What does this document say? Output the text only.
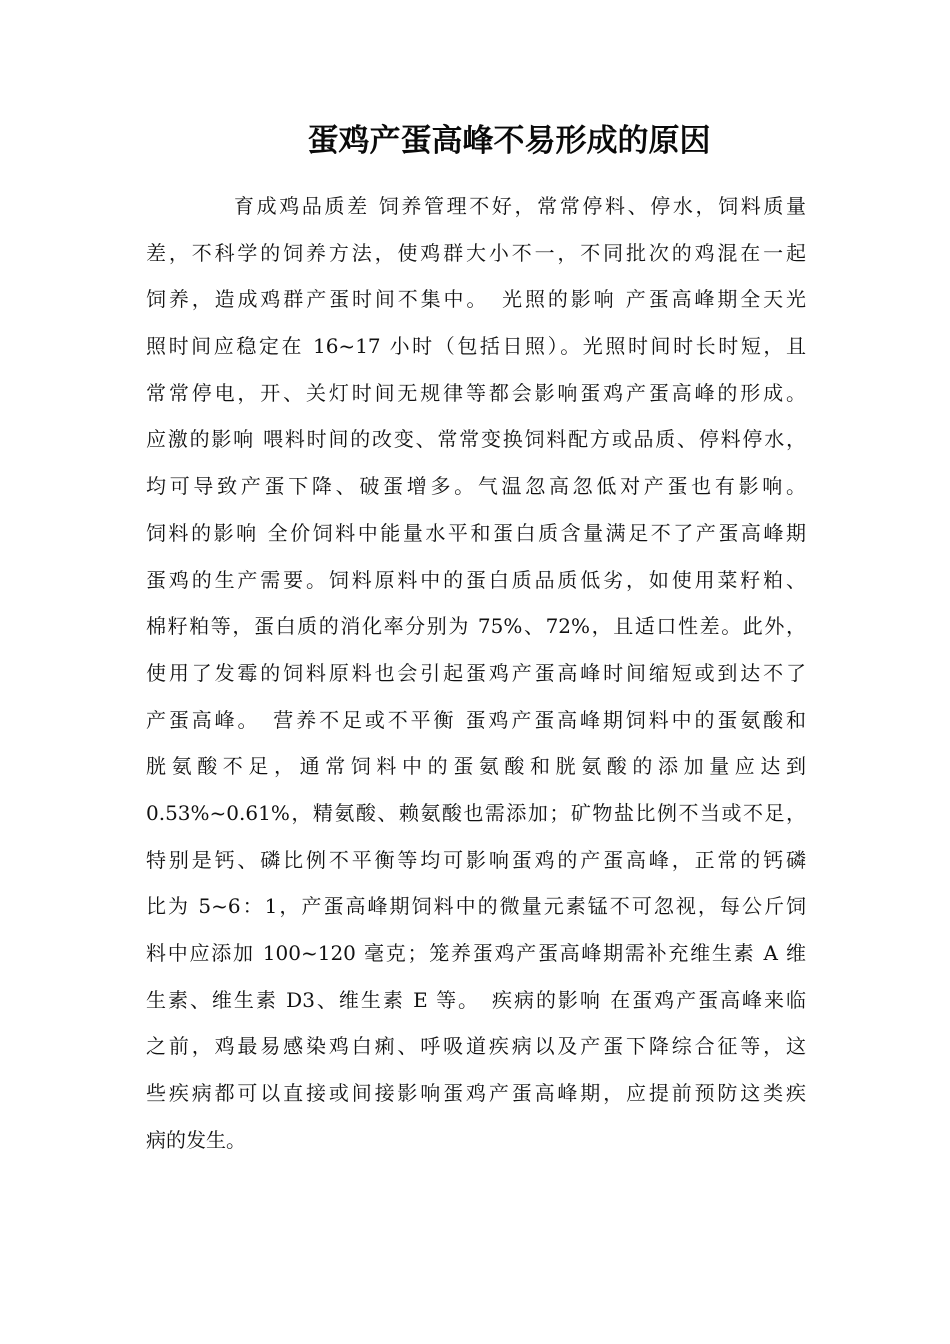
蛋鸡产蛋高峰不易形成的原因
育成鸡品质差 饲养管理不好，常常停料、停水，饲料质量
差，不科学的饲养方法，使鸡群大小不一，不同批次的鸡混在一起
饲养，造成鸡群产蛋时间不集中。　光照的影响 产蛋高峰期全天光
照时间应稳定在 16~17 小时（包括日照）。光照时间时长时短，且
常常停电，开、关灯时间无规律等都会影响蛋鸡产蛋高峰的形成。
应激的影响 喂料时间的改变、常常变换饲料配方或品质、停料停水，
均可导致产蛋下降、破蛋增多。气温忽高忽低对产蛋也有影响。
饲料的影响 全价饲料中能量水平和蛋白质含量满足不了产蛋高峰期
蛋鸡的生产需要。饲料原料中的蛋白质品质低劣，如使用菜籽粕、
棉籽粕等，蛋白质的消化率分别为 75%、72%，且适口性差。此外，
使用了发霉的饲料原料也会引起蛋鸡产蛋高峰时间缩短或到达不了
产蛋高峰。　营养不足或不平衡 蛋鸡产蛋高峰期饲料中的蛋氨酸和
胱氨酸不足，通常饲料中的蛋氨酸和胱氨酸的添加量应达到
0.53%~0.61%，精氨酸、赖氨酸也需添加；矿物盐比例不当或不足，
特别是钙、磷比例不平衡等均可影响蛋鸡的产蛋高峰，正常的钙磷
比为 5~6：1，产蛋高峰期饲料中的微量元素锰不可忽视，每公斤饲
料中应添加 100~120 毫克；笼养蛋鸡产蛋高峰期需补充维生素 A 维
生素、维生素 D3、维生素 E 等。　疾病的影响 在蛋鸡产蛋高峰来临
之前，鸡最易感染鸡白痢、呼吸道疾病以及产蛋下降综合征等，这
些疾病都可以直接或间接影响蛋鸡产蛋高峰期，应提前预防这类疾
病的发生。
